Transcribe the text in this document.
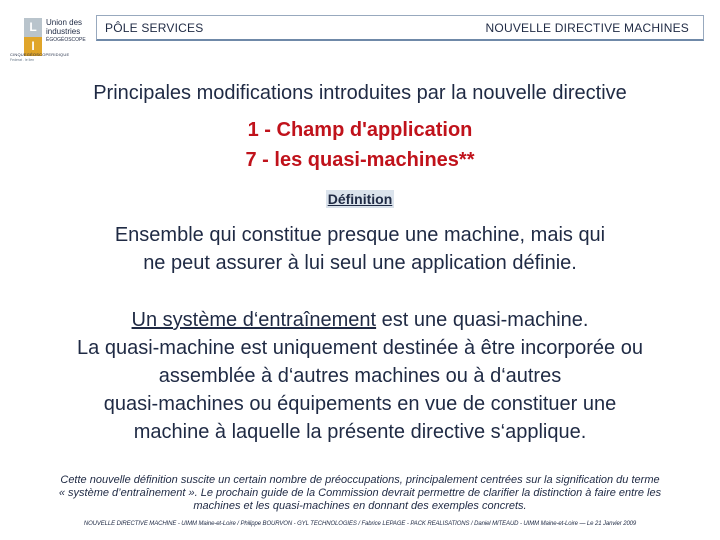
L
I
Union des
industries
ÉGOGÉOSCOPE
CINQUEGÉOSCOPERIDIQUE
Federat . le lien
PÔLE SERVICES	NOUVELLE DIRECTIVE MACHINES
Principales modifications introduites par la nouvelle directive
1 - Champ d'application
7 - les quasi-machines**
Définition
Ensemble qui constitue presque une machine, mais qui
ne peut assurer à lui seul une application définie.
Un système d‘entraînement est une quasi-machine.
La quasi-machine est uniquement destinée à être incorporée ou
assemblée à d‘autres machines ou à d‘autres
quasi-machines ou équipements en vue de constituer une
machine à laquelle la présente directive s‘applique.
Cette nouvelle définition suscite un certain nombre de préoccupations, principalement centrées sur la signification du terme
« système d’entraînement ». Le prochain guide de la Commission devrait permettre de clarifier la distinction à faire entre les
machines et les quasi-machines en donnant des exemples concrets.
NOUVELLE DIRECTIVE MACHINE - UIMM Maine-et-Loire / Philippe BOURVON - GYL TECHNOLOGIES / Fabrice LEPAGE - PACK REALISATIONS / Daniel MITEAUD - UIMM Maine-et-Loire — Le 21 Janvier 2009
